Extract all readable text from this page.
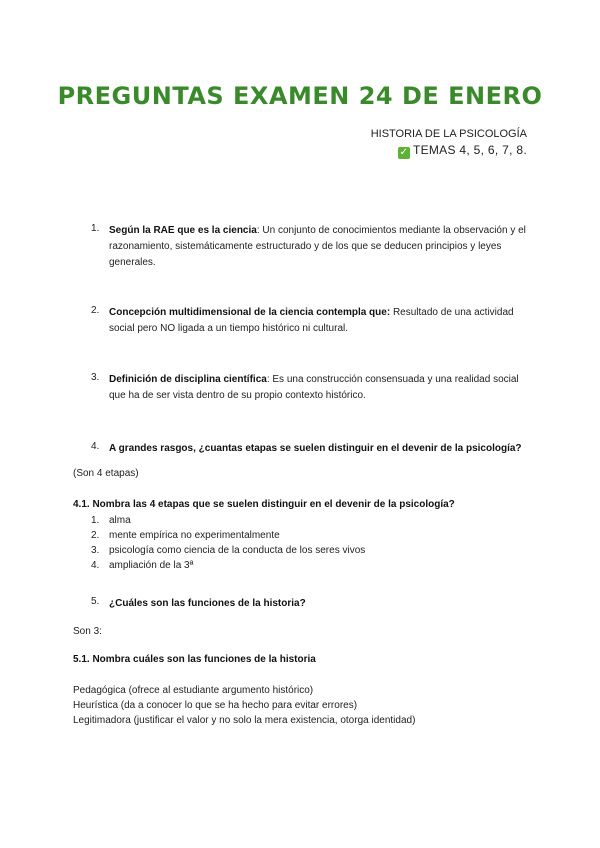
PREGUNTAS EXAMEN 24 DE ENERO
HISTORIA DE LA PSICOLOGÍA
✓ TEMAS 4, 5, 6, 7, 8.
1. Según la RAE que es la ciencia: Un conjunto de conocimientos mediante la observación y el razonamiento, sistemáticamente estructurado y de los que se deducen principios y leyes generales.
2. Concepción multidimensional de la ciencia contempla que: Resultado de una actividad social pero NO ligada a un tiempo histórico ni cultural.
3. Definición de disciplina científica: Es una construcción consensuada y una realidad social que ha de ser vista dentro de su propio contexto histórico.
4. A grandes rasgos, ¿cuantas etapas se suelen distinguir en el devenir de la psicología?
(Son 4 etapas)
4.1. Nombra las 4 etapas que se suelen distinguir en el devenir de la psicología?
1. alma
2. mente empírica no experimentalmente
3. psicología como ciencia de la conducta de los seres vivos
4. ampliación de la 3ª
5. ¿Cuáles son las funciones de la historia?
Son 3:
5.1. Nombra cuáles son las funciones de la historia
Pedagógica (ofrece al estudiante argumento histórico)
Heurística (da a conocer lo que se ha hecho para evitar errores)
Legitimadora (justificar el valor y no solo la mera existencia, otorga identidad)
